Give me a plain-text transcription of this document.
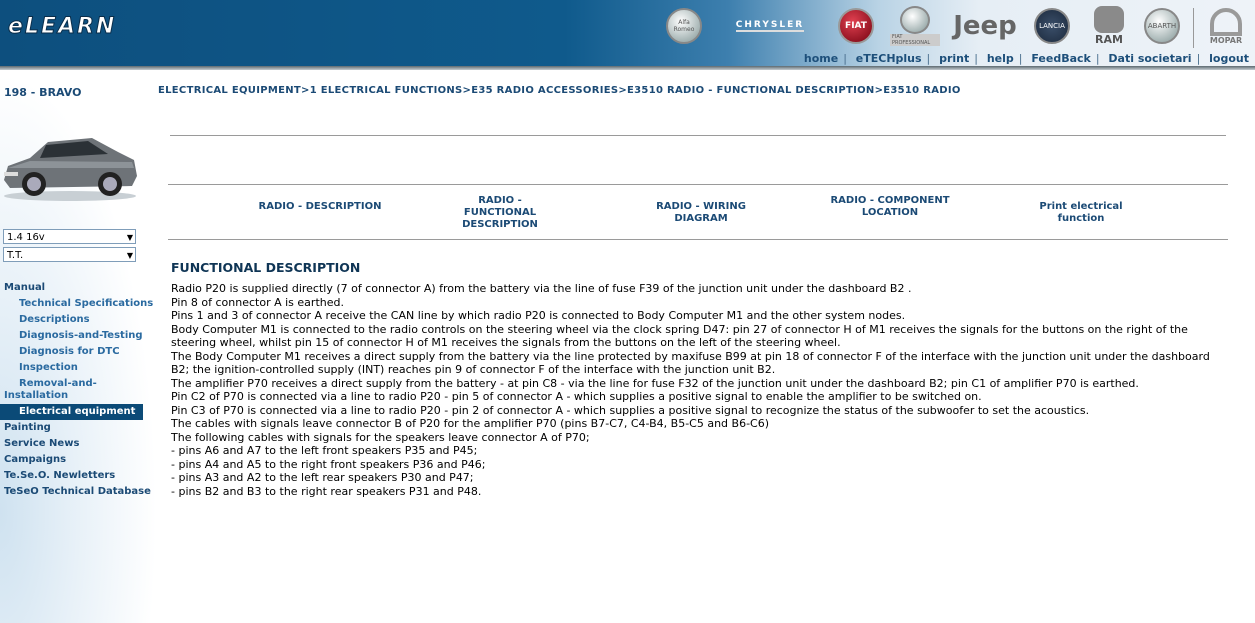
eLEARN	Alfa Romeo	CHRYSLER	FIAT
FIAT PROFESSIONAL
Jeep	LANCIA
RAM
ABARTH
MOPAR
home | eTECHplus | print | help | FeedBack | Dati societari | logout
198 - BRAVO
1.4 16v	▼
T.T.	▼
Manual
Technical Specifications
Descriptions
Diagnosis-and-Testing
Diagnosis for DTC
Inspection
Removal-and-Installation
Electrical equipment
Painting
Service News
Campaigns
Te.Se.O. Newletters
TeSeO Technical Database
ELECTRICAL EQUIPMENT>1 ELECTRICAL FUNCTIONS>E35 RADIO ACCESSORIES>E3510 RADIO - FUNCTIONAL DESCRIPTION>E3510 RADIO
RADIO - DESCRIPTION
RADIO - FUNCTIONAL DESCRIPTION
RADIO - WIRING DIAGRAM
RADIO - COMPONENT LOCATION
Print electrical function
FUNCTIONAL DESCRIPTION
Radio P20 is supplied directly (7 of connector A) from the battery via the line of fuse F39 of the junction unit under the dashboard B2 .
Pin 8 of connector A is earthed.
Pins 1 and 3 of connector A receive the CAN line by which radio P20 is connected to Body Computer M1 and the other system nodes.
Body Computer M1 is connected to the radio controls on the steering wheel via the clock spring D47: pin 27 of connector H of M1 receives the signals for the buttons on the right of the steering wheel, whilst pin 15 of connector H of M1 receives the signals from the buttons on the left of the steering wheel.
The Body Computer M1 receives a direct supply from the battery via the line protected by maxifuse B99 at pin 18 of connector F of the interface with the junction unit under the dashboard B2; the ignition-controlled supply (INT) reaches pin 9 of connector F of the interface with the junction unit B2.
The amplifier P70 receives a direct supply from the battery - at pin C8 - via the line for fuse F32 of the junction unit under the dashboard B2; pin C1 of amplifier P70 is earthed.
Pin C2 of P70 is connected via a line to radio P20 - pin 5 of connector A - which supplies a positive signal to enable the amplifier to be switched on.
Pin C3 of P70 is connected via a line to radio P20 - pin 2 of connector A - which supplies a positive signal to recognize the status of the subwoofer to set the acoustics.
The cables with signals leave connector B of P20 for the amplifier P70 (pins B7-C7, C4-B4, B5-C5 and B6-C6)
The following cables with signals for the speakers leave connector A of P70;
- pins A6 and A7 to the left front speakers P35 and P45;
- pins A4 and A5 to the right front speakers P36 and P46;
- pins A3 and A2 to the left rear speakers P30 and P47;
- pins B2 and B3 to the right rear speakers P31 and P48.
